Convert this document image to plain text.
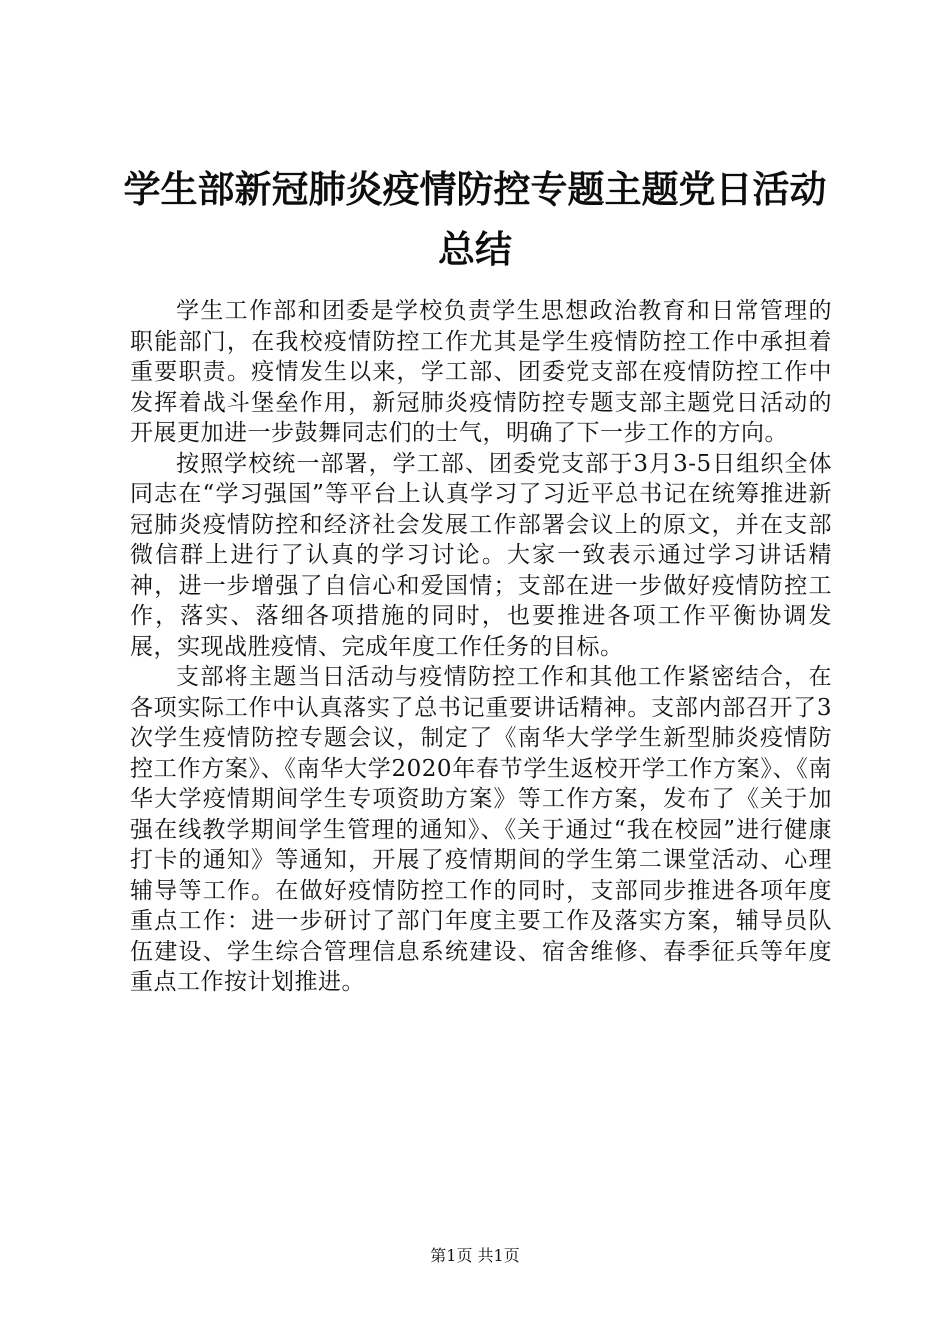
学生部新冠肺炎疫情防控专题主题党日活动总结

学生工作部和团委是学校负责学生思想政治教育和日常管理的职能部门，在我校疫情防控工作尤其是学生疫情防控工作中承担着重要职责。疫情发生以来，学工部、团委党支部在疫情防控工作中发挥着战斗堡垒作用，新冠肺炎疫情防控专题支部主题党日活动的开展更加进一步鼓舞同志们的士气，明确了下一步工作的方向。

按照学校统一部署，学工部、团委党支部于3月3-5日组织全体同志在“学习强国”等平台上认真学习了习近平总书记在统筹推进新冠肺炎疫情防控和经济社会发展工作部署会议上的原文，并在支部微信群上进行了认真的学习讨论。大家一致表示通过学习讲话精神，进一步增强了自信心和爱国情；支部在进一步做好疫情防控工作，落实、落细各项措施的同时，也要推进各项工作平衡协调发展，实现战胜疫情、完成年度工作任务的目标。

支部将主题当日活动与疫情防控工作和其他工作紧密结合，在各项实际工作中认真落实了总书记重要讲话精神。支部内部召开了3次学生疫情防控专题会议，制定了《南华大学学生新型肺炎疫情防控工作方案》、《南华大学2020年春节学生返校开学工作方案》、《南华大学疫情期间学生专项资助方案》等工作方案，发布了《关于加强在线教学期间学生管理的通知》、《关于通过“我在校园”进行健康打卡的通知》等通知，开展了疫情期间的学生第二课堂活动、心理辅导等工作。在做好疫情防控工作的同时，支部同步推进各项年度重点工作：进一步研讨了部门年度主要工作及落实方案，辅导员队伍建设、学生综合管理信息系统建设、宿舍维修、春季征兵等年度重点工作按计划推进。

第1页 共1页
